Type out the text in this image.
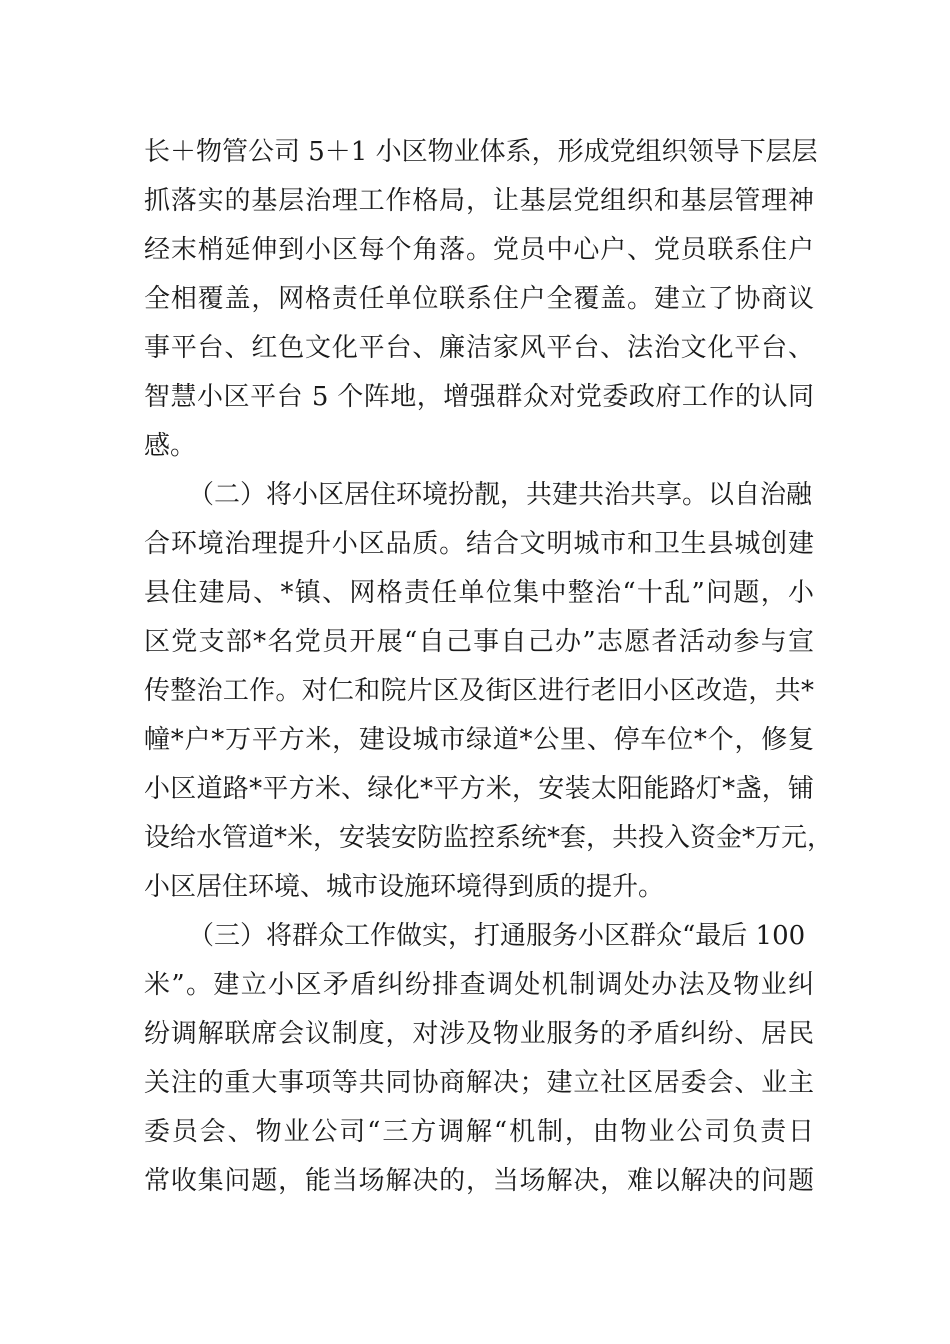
长＋物管公司 5＋1 小区物业体系，形成党组织领导下层层
抓落实的基层治理工作格局，让基层党组织和基层管理神
经末梢延伸到小区每个角落。党员中心户、党员联系住户
全相覆盖，网格责任单位联系住户全覆盖。建立了协商议
事平台、红色文化平台、廉洁家风平台、法治文化平台、
智慧小区平台 5 个阵地，增强群众对党委政府工作的认同
感。
（二）将小区居住环境扮靓，共建共治共享。以自治融
合环境治理提升小区品质。结合文明城市和卫生县城创建
县住建局、*镇、网格责任单位集中整治“十乱”问题，小
区党支部*名党员开展“自己事自己办”志愿者活动参与宣
传整治工作。对仁和院片区及街区进行老旧小区改造，共*
幢*户*万平方米，建设城市绿道*公里、停车位*个，修复
小区道路*平方米、绿化*平方米，安装太阳能路灯*盏，铺
设给水管道*米，安装安防监控系统*套，共投入资金*万元，
小区居住环境、城市设施环境得到质的提升。
（三）将群众工作做实，打通服务小区群众“最后 100
米”。建立小区矛盾纠纷排查调处机制调处办法及物业纠
纷调解联席会议制度，对涉及物业服务的矛盾纠纷、居民
关注的重大事项等共同协商解决；建立社区居委会、业主
委员会、物业公司“三方调解“机制，由物业公司负责日
常收集问题，能当场解决的，当场解决，难以解决的问题
